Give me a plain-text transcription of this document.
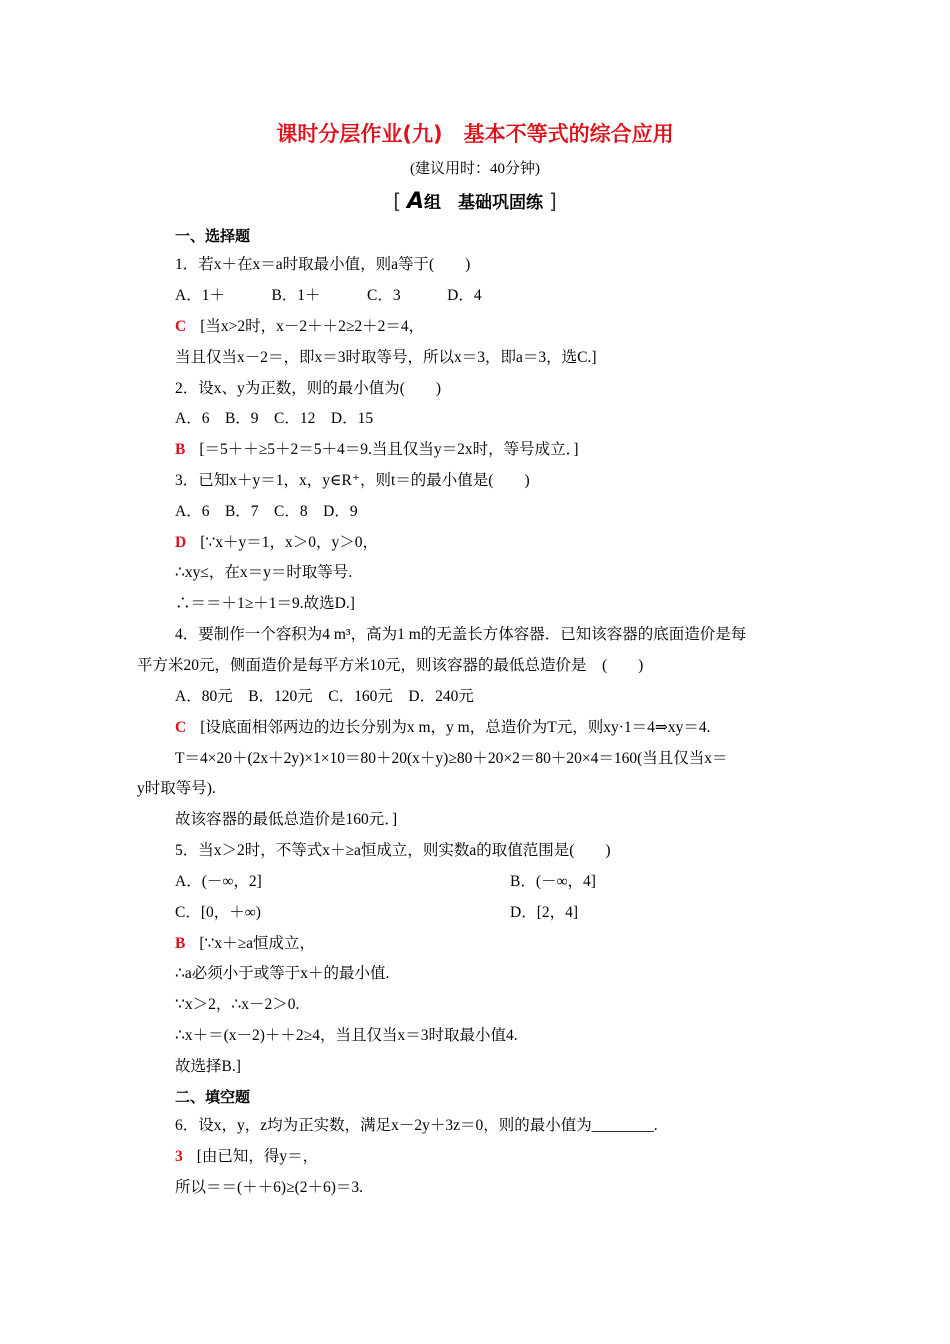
课时分层作业(九)　基本不等式的综合应用
(建议用时：40分钟)
[ A组　基础巩固练 ]
一、选择题
1．若x＋在x＝a时取最小值，则a等于(　　)
A．1＋　　　B．1＋　　　C．3　　　D．4
C [当x>2时，x－2＋＋2≥2＋2＝4，
当且仅当x－2＝，即x＝3时取等号，所以x＝3，即a＝3，选C.]
2．设x、y为正数，则的最小值为(　　)
A．6　B．9　C．12　D．15
B [＝5＋＋≥5＋2＝5＋4＝9.当且仅当y＝2x时，等号成立．]
3．已知x＋y＝1，x，y∈R⁺，则t＝的最小值是(　　)
A．6　B．7　C．8　D．9
D [∵x＋y＝1，x＞0，y＞0，
∴xy≤，在x＝y＝时取等号.
∴＝＝＋1≥＋1＝9.故选D.]
4．要制作一个容积为4 m³，高为1 m的无盖长方体容器．已知该容器的底面造价是每
平方米20元，侧面造价是每平方米10元，则该容器的最低总造价是　(　　)
A．80元　B．120元　C．160元　D．240元
C [设底面相邻两边的边长分别为x m，y m，总造价为T元，则xy·1＝4⇒xy＝4.
T＝4×20＋(2x＋2y)×1×10＝80＋20(x＋y)≥80＋20×2＝80＋20×4＝160(当且仅当x＝
y时取等号).
故该容器的最低总造价是160元．]
5．当x＞2时，不等式x＋≥a恒成立，则实数a的取值范围是(　　)
A．(－∞，2]	B．(－∞，4]
C．[0，＋∞)	D．[2，4]
B [∵x＋≥a恒成立，
∴a必须小于或等于x＋的最小值.
∵x＞2，∴x－2＞0.
∴x＋＝(x－2)＋＋2≥4，当且仅当x＝3时取最小值4.
故选择B.]
二、填空题
6．设x，y，z均为正实数，满足x－2y＋3z＝0，则的最小值为________.
3 [由已知，得y＝，
所以＝＝(＋＋6)≥(2＋6)＝3.
